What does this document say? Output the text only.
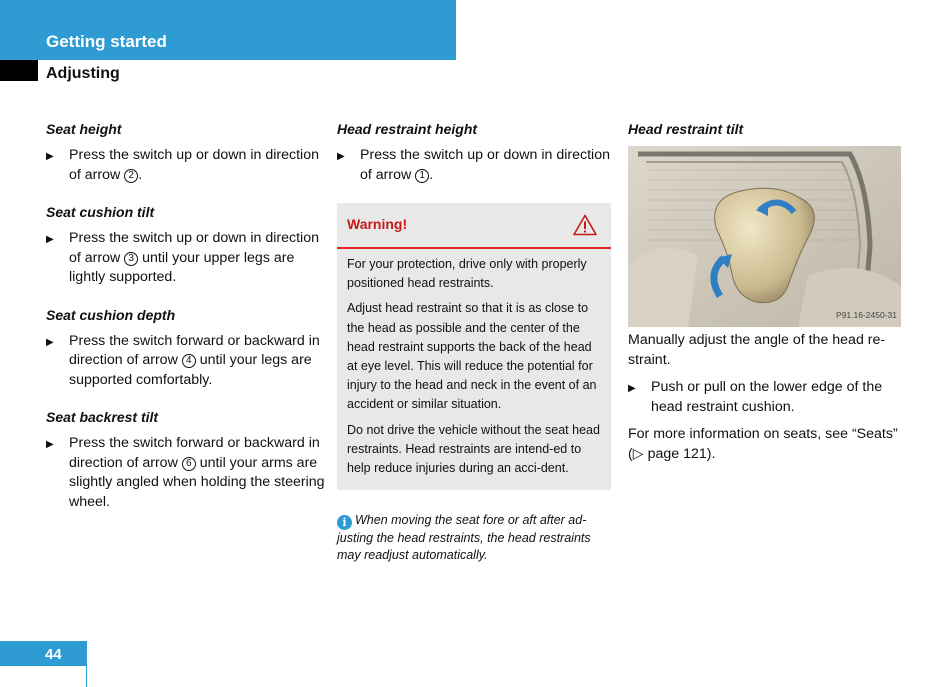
Getting started
Adjusting
Seat height
▶	Press the switch up or down in direction of arrow 2 .
Seat cushion tilt
▶	Press the switch up or down in direction of arrow 3 until your upper legs are lightly supported.
Seat cushion depth
▶	Press the switch forward or backward in direction of arrow 4 until your legs are supported comfortably.
Seat backrest tilt
▶	Press the switch forward or backward in direction of arrow 6 until your arms are slightly angled when holding the steering wheel.
Head restraint height
▶	Press the switch up or down in direction of arrow 1 .
Warning!

For your protection, drive only with properly positioned head restraints.

Adjust head restraint so that it is as close to the head as possible and the center of the head restraint supports the back of the head at eye level. This will reduce the potential for injury to the head and neck in the event of an accident or similar situation.

Do not drive the vehicle without the seat head restraints. Head restraints are intend-ed to help reduce injuries during an acci-dent.

i When moving the seat fore or aft after ad-justing the head restraints, the head restraints may readjust automatically.
Head restraint tilt
P91.16-2450-31

Manually adjust the angle of the head re-straint.

▶	Push or pull on the lower edge of the head restraint cushion.

For more information on seats, see “Seats” (▷ page 121).

44
